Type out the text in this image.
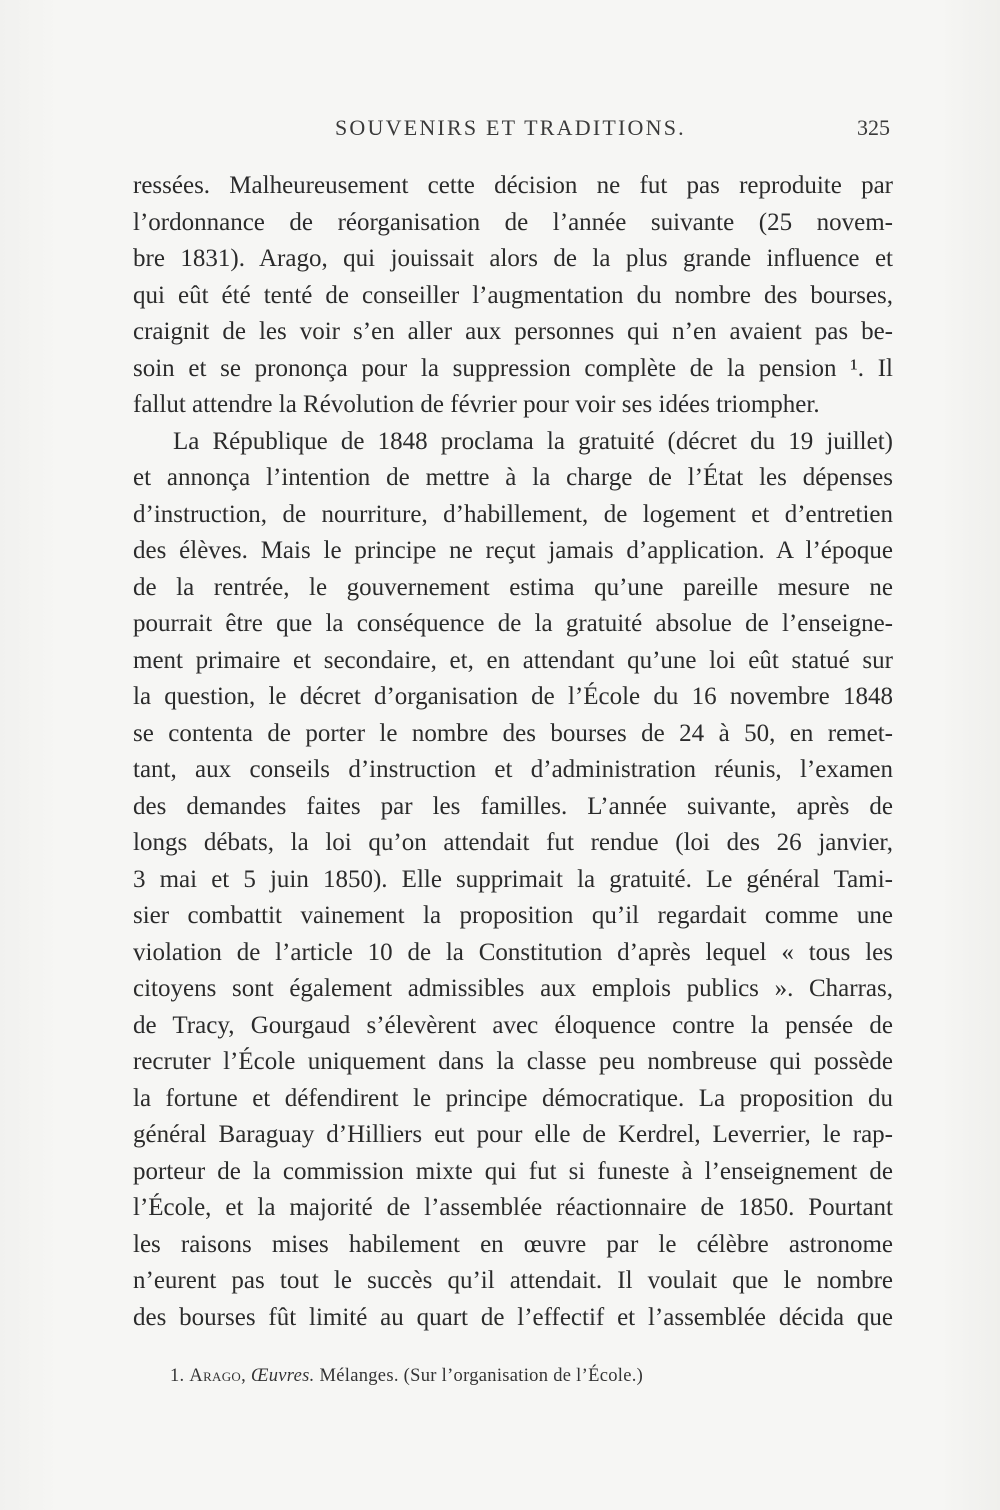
SOUVENIRS ET TRADITIONS.	325
ressées. Malheureusement cette décision ne fut pas reproduite par
l’ordonnance de réorganisation de l’année suivante (25 novem-
bre 1831). Arago, qui jouissait alors de la plus grande influence et
qui eût été tenté de conseiller l’augmentation du nombre des bourses,
craignit de les voir s’en aller aux personnes qui n’en avaient pas be-
soin et se prononça pour la suppression complète de la pension ¹. Il
fallut attendre la Révolution de février pour voir ses idées triompher.
La République de 1848 proclama la gratuité (décret du 19 juillet)
et annonça l’intention de mettre à la charge de l’État les dépenses
d’instruction, de nourriture, d’habillement, de logement et d’entretien
des élèves. Mais le principe ne reçut jamais d’application. A l’époque
de la rentrée, le gouvernement estima qu’une pareille mesure ne
pourrait être que la conséquence de la gratuité absolue de l’enseigne-
ment primaire et secondaire, et, en attendant qu’une loi eût statué sur
la question, le décret d’organisation de l’École du 16 novembre 1848
se contenta de porter le nombre des bourses de 24 à 50, en remet-
tant, aux conseils d’instruction et d’administration réunis, l’examen
des demandes faites par les familles. L’année suivante, après de
longs débats, la loi qu’on attendait fut rendue (loi des 26 janvier,
3 mai et 5 juin 1850). Elle supprimait la gratuité. Le général Tami-
sier combattit vainement la proposition qu’il regardait comme une
violation de l’article 10 de la Constitution d’après lequel « tous les
citoyens sont également admissibles aux emplois publics ». Charras,
de Tracy, Gourgaud s’élevèrent avec éloquence contre la pensée de
recruter l’École uniquement dans la classe peu nombreuse qui possède
la fortune et défendirent le principe démocratique. La proposition du
général Baraguay d’Hilliers eut pour elle de Kerdrel, Leverrier, le rap-
porteur de la commission mixte qui fut si funeste à l’enseignement de
l’École, et la majorité de l’assemblée réactionnaire de 1850. Pourtant
les raisons mises habilement en œuvre par le célèbre astronome
n’eurent pas tout le succès qu’il attendait. Il voulait que le nombre
des bourses fût limité au quart de l’effectif et l’assemblée décida que
1. Arago, Œuvres. Mélanges. (Sur l’organisation de l’École.)
